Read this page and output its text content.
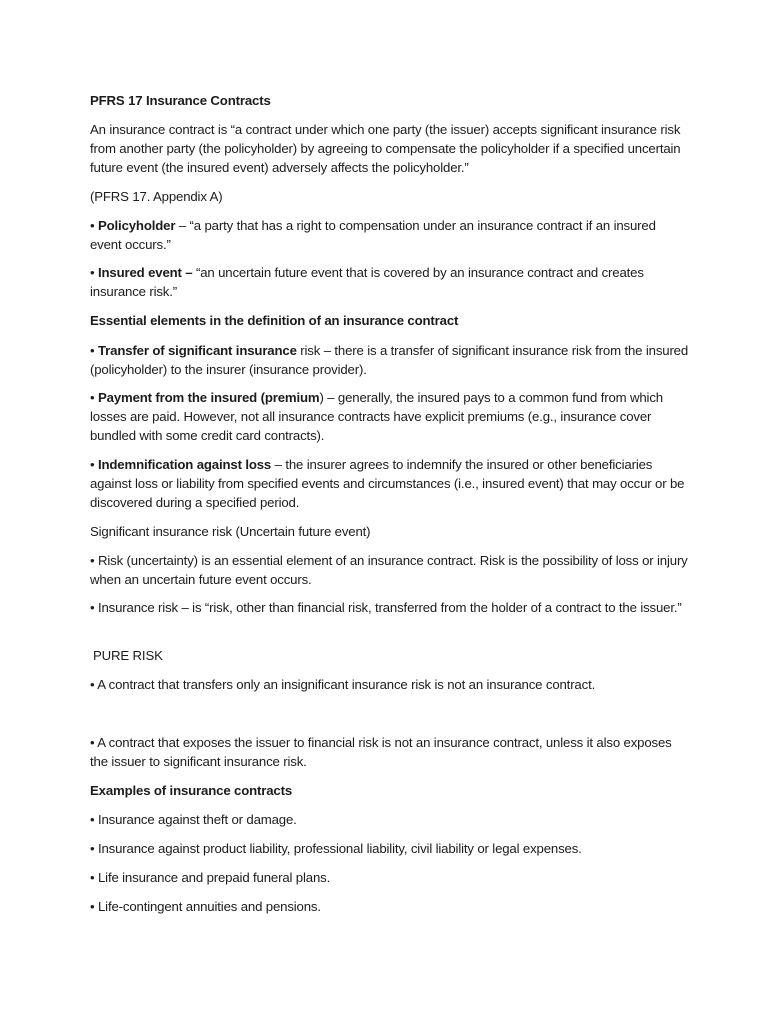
PFRS 17 Insurance Contracts

An insurance contract is “a contract under which one party (the issuer) accepts significant insurance risk from another party (the policyholder) by agreeing to compensate the policyholder if a specified uncertain future event (the insured event) adversely affects the policyholder.”

(PFRS 17. Appendix A)

• Policyholder – “a party that has a right to compensation under an insurance contract if an insured event occurs.”

• Insured event – “an uncertain future event that is covered by an insurance contract and creates insurance risk.”

Essential elements in the definition of an insurance contract

• Transfer of significant insurance risk – there is a transfer of significant insurance risk from the insured (policyholder) to the insurer (insurance provider).

• Payment from the insured (premium) – generally, the insured pays to a common fund from which losses are paid. However, not all insurance contracts have explicit premiums (e.g., insurance cover bundled with some credit card contracts).

• Indemnification against loss – the insurer agrees to indemnify the insured or other beneficiaries against loss or liability from specified events and circumstances (i.e., insured event) that may occur or be discovered during a specified period.

Significant insurance risk (Uncertain future event)

• Risk (uncertainty) is an essential element of an insurance contract. Risk is the possibility of loss or injury when an uncertain future event occurs.

• Insurance risk – is “risk, other than financial risk, transferred from the holder of a contract to the issuer.”

PURE RISK

• A contract that transfers only an insignificant insurance risk is not an insurance contract.

• A contract that exposes the issuer to financial risk is not an insurance contract, unless it also exposes the issuer to significant insurance risk.

Examples of insurance contracts

• Insurance against theft or damage.

• Insurance against product liability, professional liability, civil liability or legal expenses.

• Life insurance and prepaid funeral plans.

• Life-contingent annuities and pensions.
